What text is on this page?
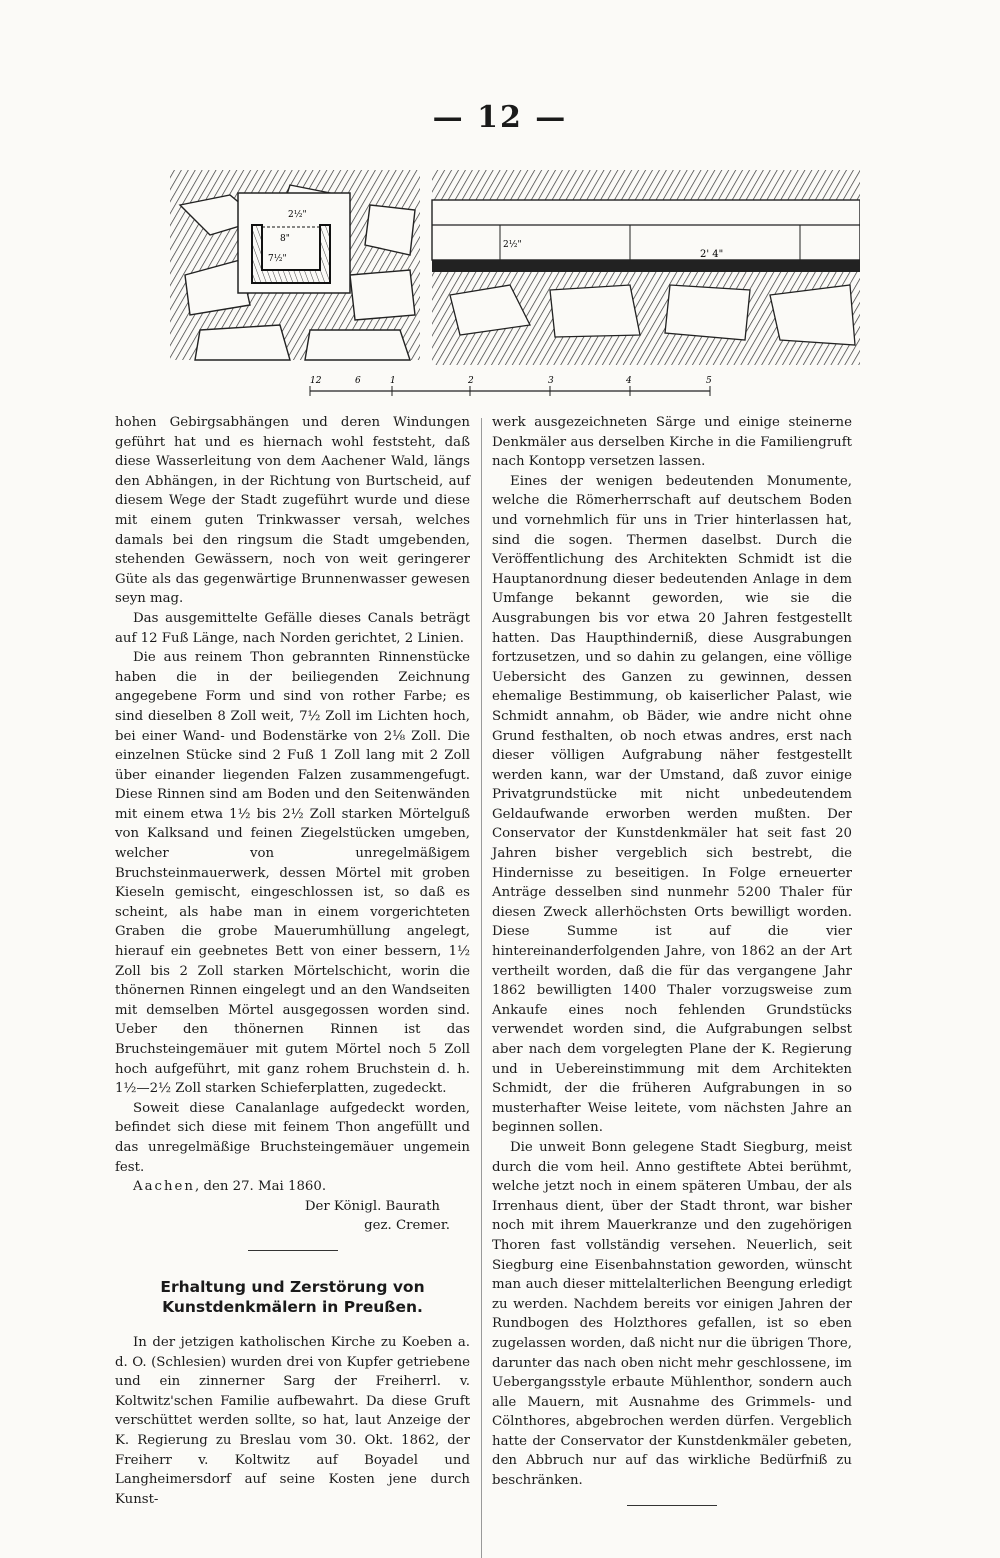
— 12 —
2½"
8"
7½"
2½"
2' 4"
12	6	1	2	3	4	5

hohen Gebirgsabhängen und deren Windungen geführt hat und es hiernach wohl feststeht, daß diese Wasserleitung von dem Aachener Wald, längs den Abhängen, in der Richtung von Burtscheid, auf diesem Wege der Stadt zugeführt wurde und diese mit einem guten Trinkwasser versah, welches damals bei den ringsum die Stadt umgebenden, stehenden Gewässern, noch von weit geringerer Güte als das gegenwärtige Brunnenwasser gewesen seyn mag.

Das ausgemittelte Gefälle dieses Canals beträgt auf 12 Fuß Länge, nach Norden gerichtet, 2 Linien.

Die aus reinem Thon gebrannten Rinnenstücke haben die in der beiliegenden Zeichnung angegebene Form und sind von rother Farbe; es sind dieselben 8 Zoll weit, 7½ Zoll im Lichten hoch, bei einer Wand- und Bodenstärke von 2⅛ Zoll. Die einzelnen Stücke sind 2 Fuß 1 Zoll lang mit 2 Zoll über einander liegenden Falzen zusammengefugt. Diese Rinnen sind am Boden und den Seitenwänden mit einem etwa 1½ bis 2½ Zoll starken Mörtelguß von Kalksand und feinen Ziegelstücken umgeben, welcher von unregelmäßigem Bruchsteinmauerwerk, dessen Mörtel mit groben Kieseln gemischt, eingeschlossen ist, so daß es scheint, als habe man in einem vorgerichteten Graben die grobe Mauerumhüllung angelegt, hierauf ein geebnetes Bett von einer bessern, 1½ Zoll bis 2 Zoll starken Mörtelschicht, worin die thönernen Rinnen eingelegt und an den Wandseiten mit demselben Mörtel ausgegossen worden sind. Ueber den thönernen Rinnen ist das Bruchsteingemäuer mit gutem Mörtel noch 5 Zoll hoch aufgeführt, mit ganz rohem Bruchstein d. h. 1½—2½ Zoll starken Schieferplatten, zugedeckt.

Soweit diese Canalanlage aufgedeckt worden, befindet sich diese mit feinem Thon angefüllt und das unregelmäßige Bruchsteingemäuer ungemein fest.

Aachen, den 27. Mai 1860.

Der Königl. Baurath

gez. Cremer.

Erhaltung und Zerstörung von Kunstdenkmälern in Preußen.

In der jetzigen katholischen Kirche zu Koeben a. d. O. (Schlesien) wurden drei von Kupfer getriebene und ein zinnerner Sarg der Freiherrl. v. Koltwitz'schen Familie aufbewahrt. Da diese Gruft verschüttet werden sollte, so hat, laut Anzeige der K. Regierung zu Breslau vom 30. Okt. 1862, der Freiherr v. Koltwitz auf Boyadel und Langheimersdorf auf seine Kosten jene durch Kunst-

werk ausgezeichneten Särge und einige steinerne Denkmäler aus derselben Kirche in die Familiengruft nach Kontopp versetzen lassen.

Eines der wenigen bedeutenden Monumente, welche die Römerherrschaft auf deutschem Boden und vornehmlich für uns in Trier hinterlassen hat, sind die sogen. Thermen daselbst. Durch die Veröffentlichung des Architekten Schmidt ist die Hauptanordnung dieser bedeutenden Anlage in dem Umfange bekannt geworden, wie sie die Ausgrabungen bis vor etwa 20 Jahren festgestellt hatten. Das Haupthinderniß, diese Ausgrabungen fortzusetzen, und so dahin zu gelangen, eine völlige Uebersicht des Ganzen zu gewinnen, dessen ehemalige Bestimmung, ob kaiserlicher Palast, wie Schmidt annahm, ob Bäder, wie andre nicht ohne Grund festhalten, ob noch etwas andres, erst nach dieser völligen Aufgrabung näher festgestellt werden kann, war der Umstand, daß zuvor einige Privatgrundstücke mit nicht unbedeutendem Geldaufwande erworben werden mußten. Der Conservator der Kunstdenkmäler hat seit fast 20 Jahren bisher vergeblich sich bestrebt, die Hindernisse zu beseitigen. In Folge erneuerter Anträge desselben sind nunmehr 5200 Thaler für diesen Zweck allerhöchsten Orts bewilligt worden. Diese Summe ist auf die vier hintereinanderfolgenden Jahre, von 1862 an der Art vertheilt worden, daß die für das vergangene Jahr 1862 bewilligten 1400 Thaler vorzugsweise zum Ankaufe eines noch fehlenden Grundstücks verwendet worden sind, die Aufgrabungen selbst aber nach dem vorgelegten Plane der K. Regierung und in Uebereinstimmung mit dem Architekten Schmidt, der die früheren Aufgrabungen in so musterhafter Weise leitete, vom nächsten Jahre an beginnen sollen.

Die unweit Bonn gelegene Stadt Siegburg, meist durch die vom heil. Anno gestiftete Abtei berühmt, welche jetzt noch in einem späteren Umbau, der als Irrenhaus dient, über der Stadt thront, war bisher noch mit ihrem Mauerkranze und den zugehörigen Thoren fast vollständig versehen. Neuerlich, seit Siegburg eine Eisenbahnstation geworden, wünscht man auch dieser mittelalterlichen Beengung erledigt zu werden. Nachdem bereits vor einigen Jahren der Rundbogen des Holzthores gefallen, ist so eben zugelassen worden, daß nicht nur die übrigen Thore, darunter das nach oben nicht mehr geschlossene, im Uebergangsstyle erbaute Mühlenthor, sondern auch alle Mauern, mit Ausnahme des Grimmels- und Cölnthores, abgebrochen werden dürfen. Vergeblich hatte der Conservator der Kunstdenkmäler gebeten, den Abbruch nur auf das wirkliche Bedürfniß zu beschränken.
